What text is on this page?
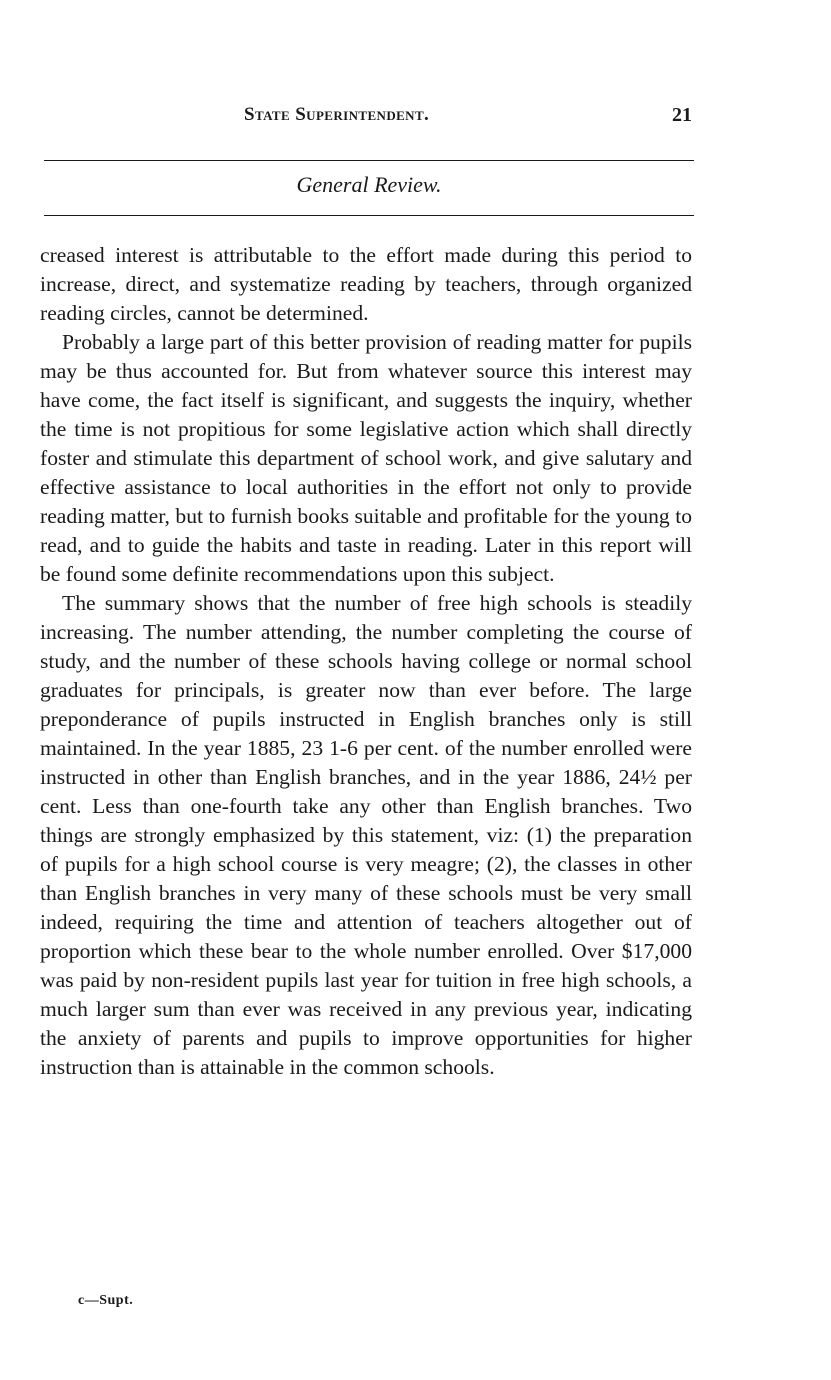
State Superintendent.	21
General Review.

creased interest is attributable to the effort made during this period to increase, direct, and systematize reading by teachers, through organized reading circles, cannot be determined.

Probably a large part of this better provision of reading matter for pupils may be thus accounted for. But from whatever source this interest may have come, the fact itself is significant, and suggests the inquiry, whether the time is not propitious for some legislative action which shall directly foster and stimulate this department of school work, and give salutary and effective assistance to local authorities in the effort not only to provide reading matter, but to furnish books suitable and profitable for the young to read, and to guide the habits and taste in reading. Later in this report will be found some definite recommendations upon this subject.

The summary shows that the number of free high schools is steadily increasing. The number attending, the number completing the course of study, and the number of these schools having college or normal school graduates for principals, is greater now than ever before. The large preponderance of pupils instructed in English branches only is still maintained. In the year 1885, 23 1-6 per cent. of the number enrolled were instructed in other than English branches, and in the year 1886, 24½ per cent. Less than one-fourth take any other than English branches. Two things are strongly emphasized by this statement, viz: (1) the preparation of pupils for a high school course is very meagre; (2), the classes in other than English branches in very many of these schools must be very small indeed, requiring the time and attention of teachers altogether out of proportion which these bear to the whole number enrolled. Over $17,000 was paid by non-resident pupils last year for tuition in free high schools, a much larger sum than ever was received in any previous year, indicating the anxiety of parents and pupils to improve opportunities for higher instruction than is attainable in the common schools.

c—Supt.
